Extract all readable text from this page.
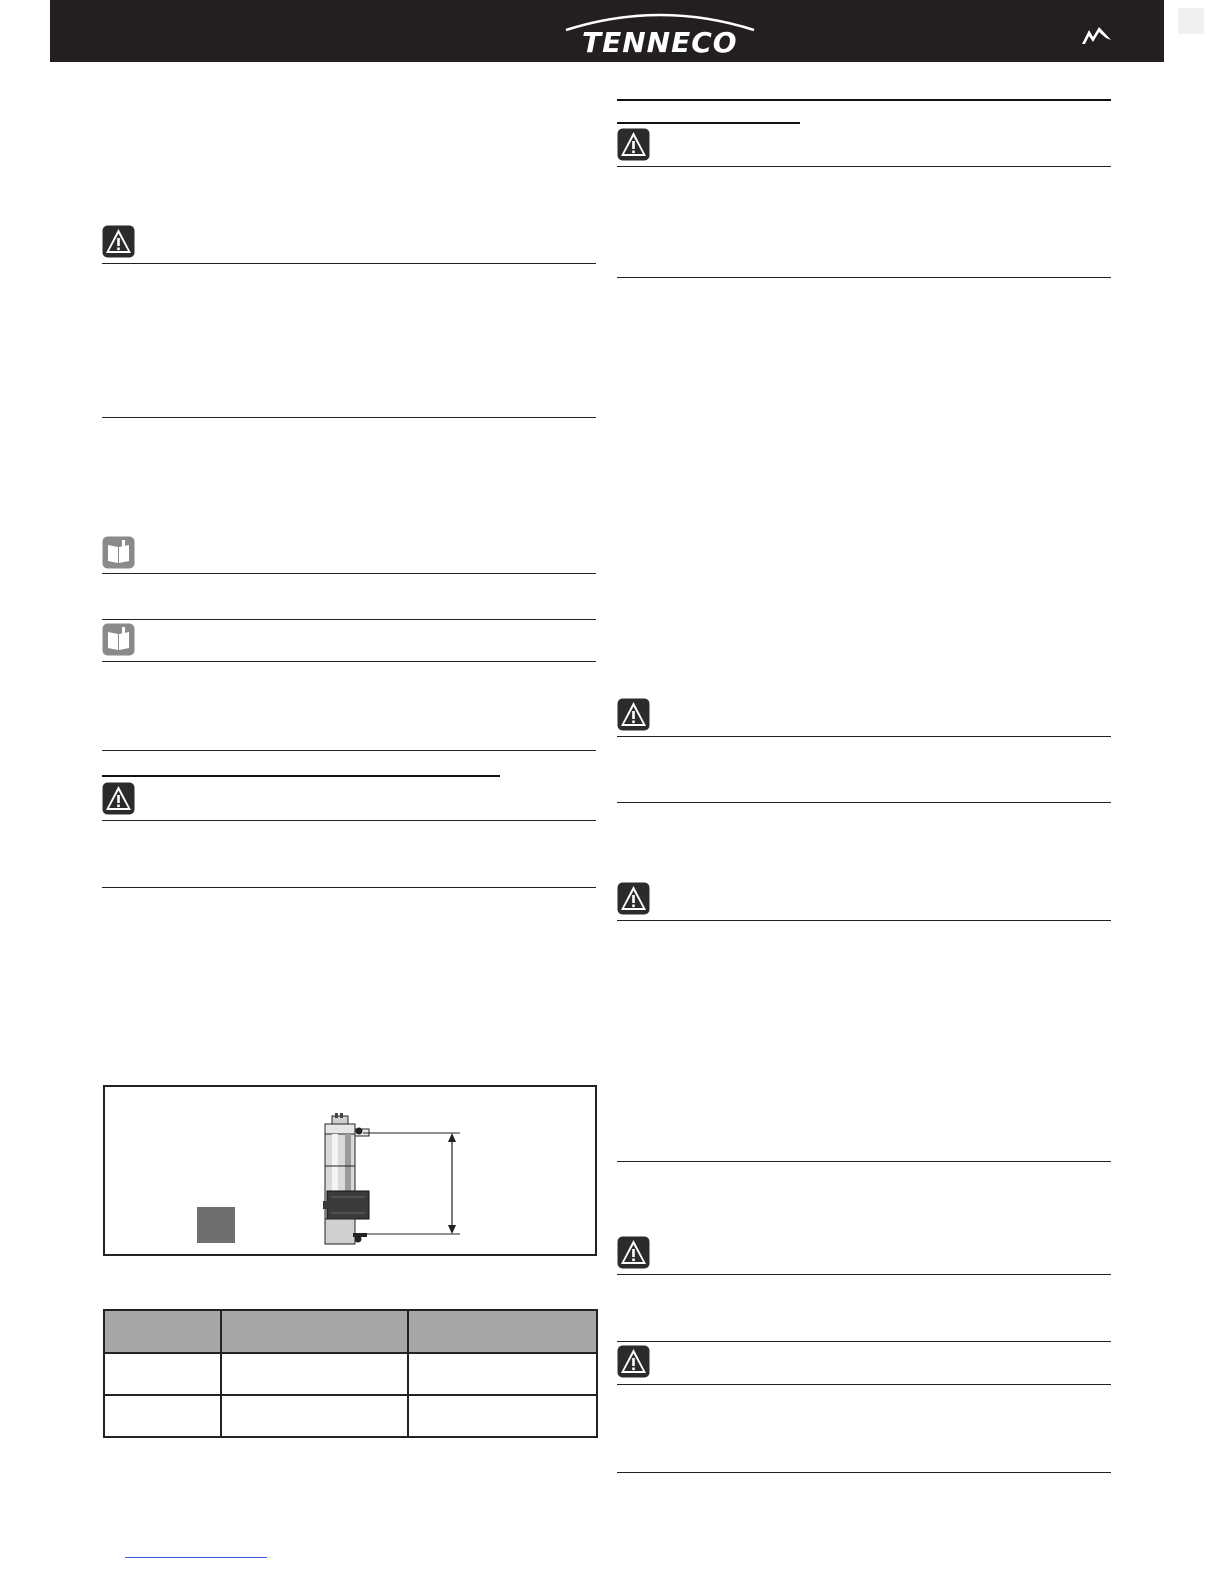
TENNECO
